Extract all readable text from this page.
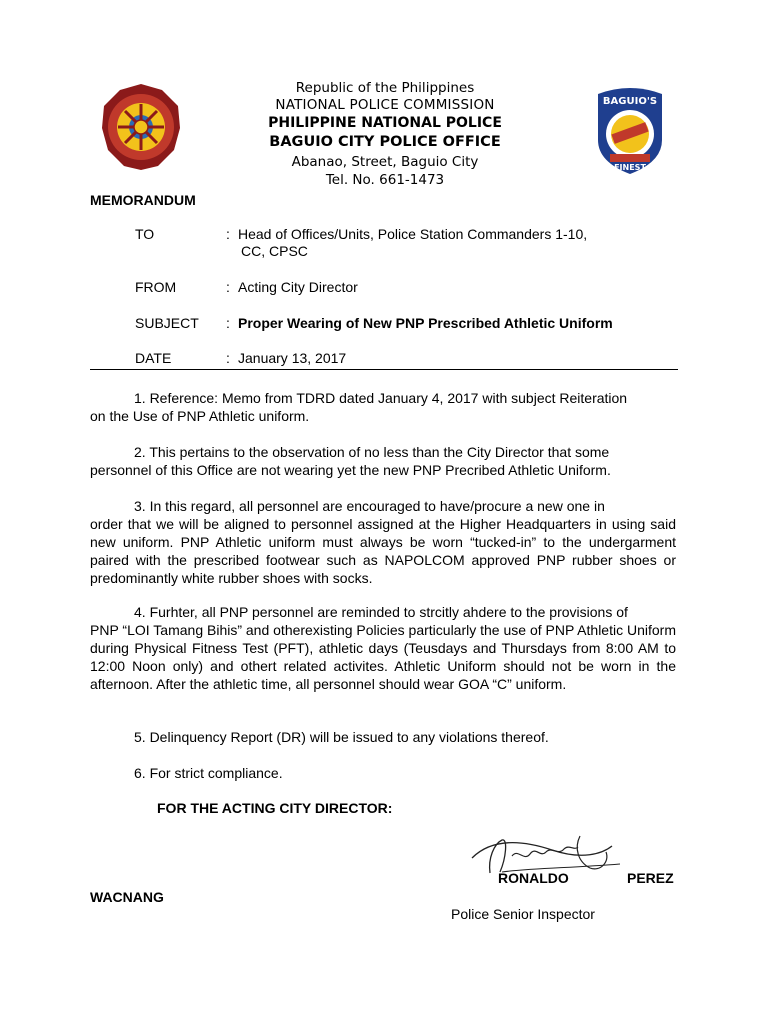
BAGUIO'S
FINEST
Republic of the Philippines
NATIONAL POLICE COMMISSION
PHILIPPINE NATIONAL POLICE
BAGUIO CITY POLICE OFFICE
Abanao, Street, Baguio City
Tel. No. 661-1473
MEMORANDUM
TO	: Head of Offices/Units, Police Station Commanders 1-10,
CC, CPSC
FROM	: Acting City Director
SUBJECT : Proper Wearing of New PNP Prescribed Athletic Uniform
DATE	: January 13, 2017
1. Reference: Memo from TDRD dated January 4, 2017 with subject Reiteration
on the Use of PNP Athletic uniform.
2. This pertains to the observation of no less than the City Director that some
personnel of this Office are not wearing yet the new PNP Precribed Athletic Uniform.
3. In this regard, all personnel are encouraged to have/procure a new one in
order that we will be aligned to personnel assigned at the Higher Headquarters in using said new uniform. PNP Athletic uniform must always be worn “tucked-in” to the undergarment paired with the prescribed footwear such as NAPOLCOM approved PNP rubber shoes or predominantly white rubber shoes with socks.
4. Furhter, all PNP personnel are reminded to strcitly ahdere to the provisions of
PNP “LOI Tamang Bihis” and otherexisting Policies particularly the use of PNP Athletic Uniform during Physical Fitness Test (PFT), athletic days (Teusdays and Thursdays from 8:00 AM to 12:00 Noon only) and othert related activites. Athletic Uniform should not be worn in the afternoon. After the athletic time, all personnel should wear GOA “C” uniform.
5. Delinquency Report (DR) will be issued to any violations thereof.
6. For strict compliance.
FOR THE ACTING CITY DIRECTOR:
RONALDO	PEREZ
WACNANG
Police Senior Inspector
